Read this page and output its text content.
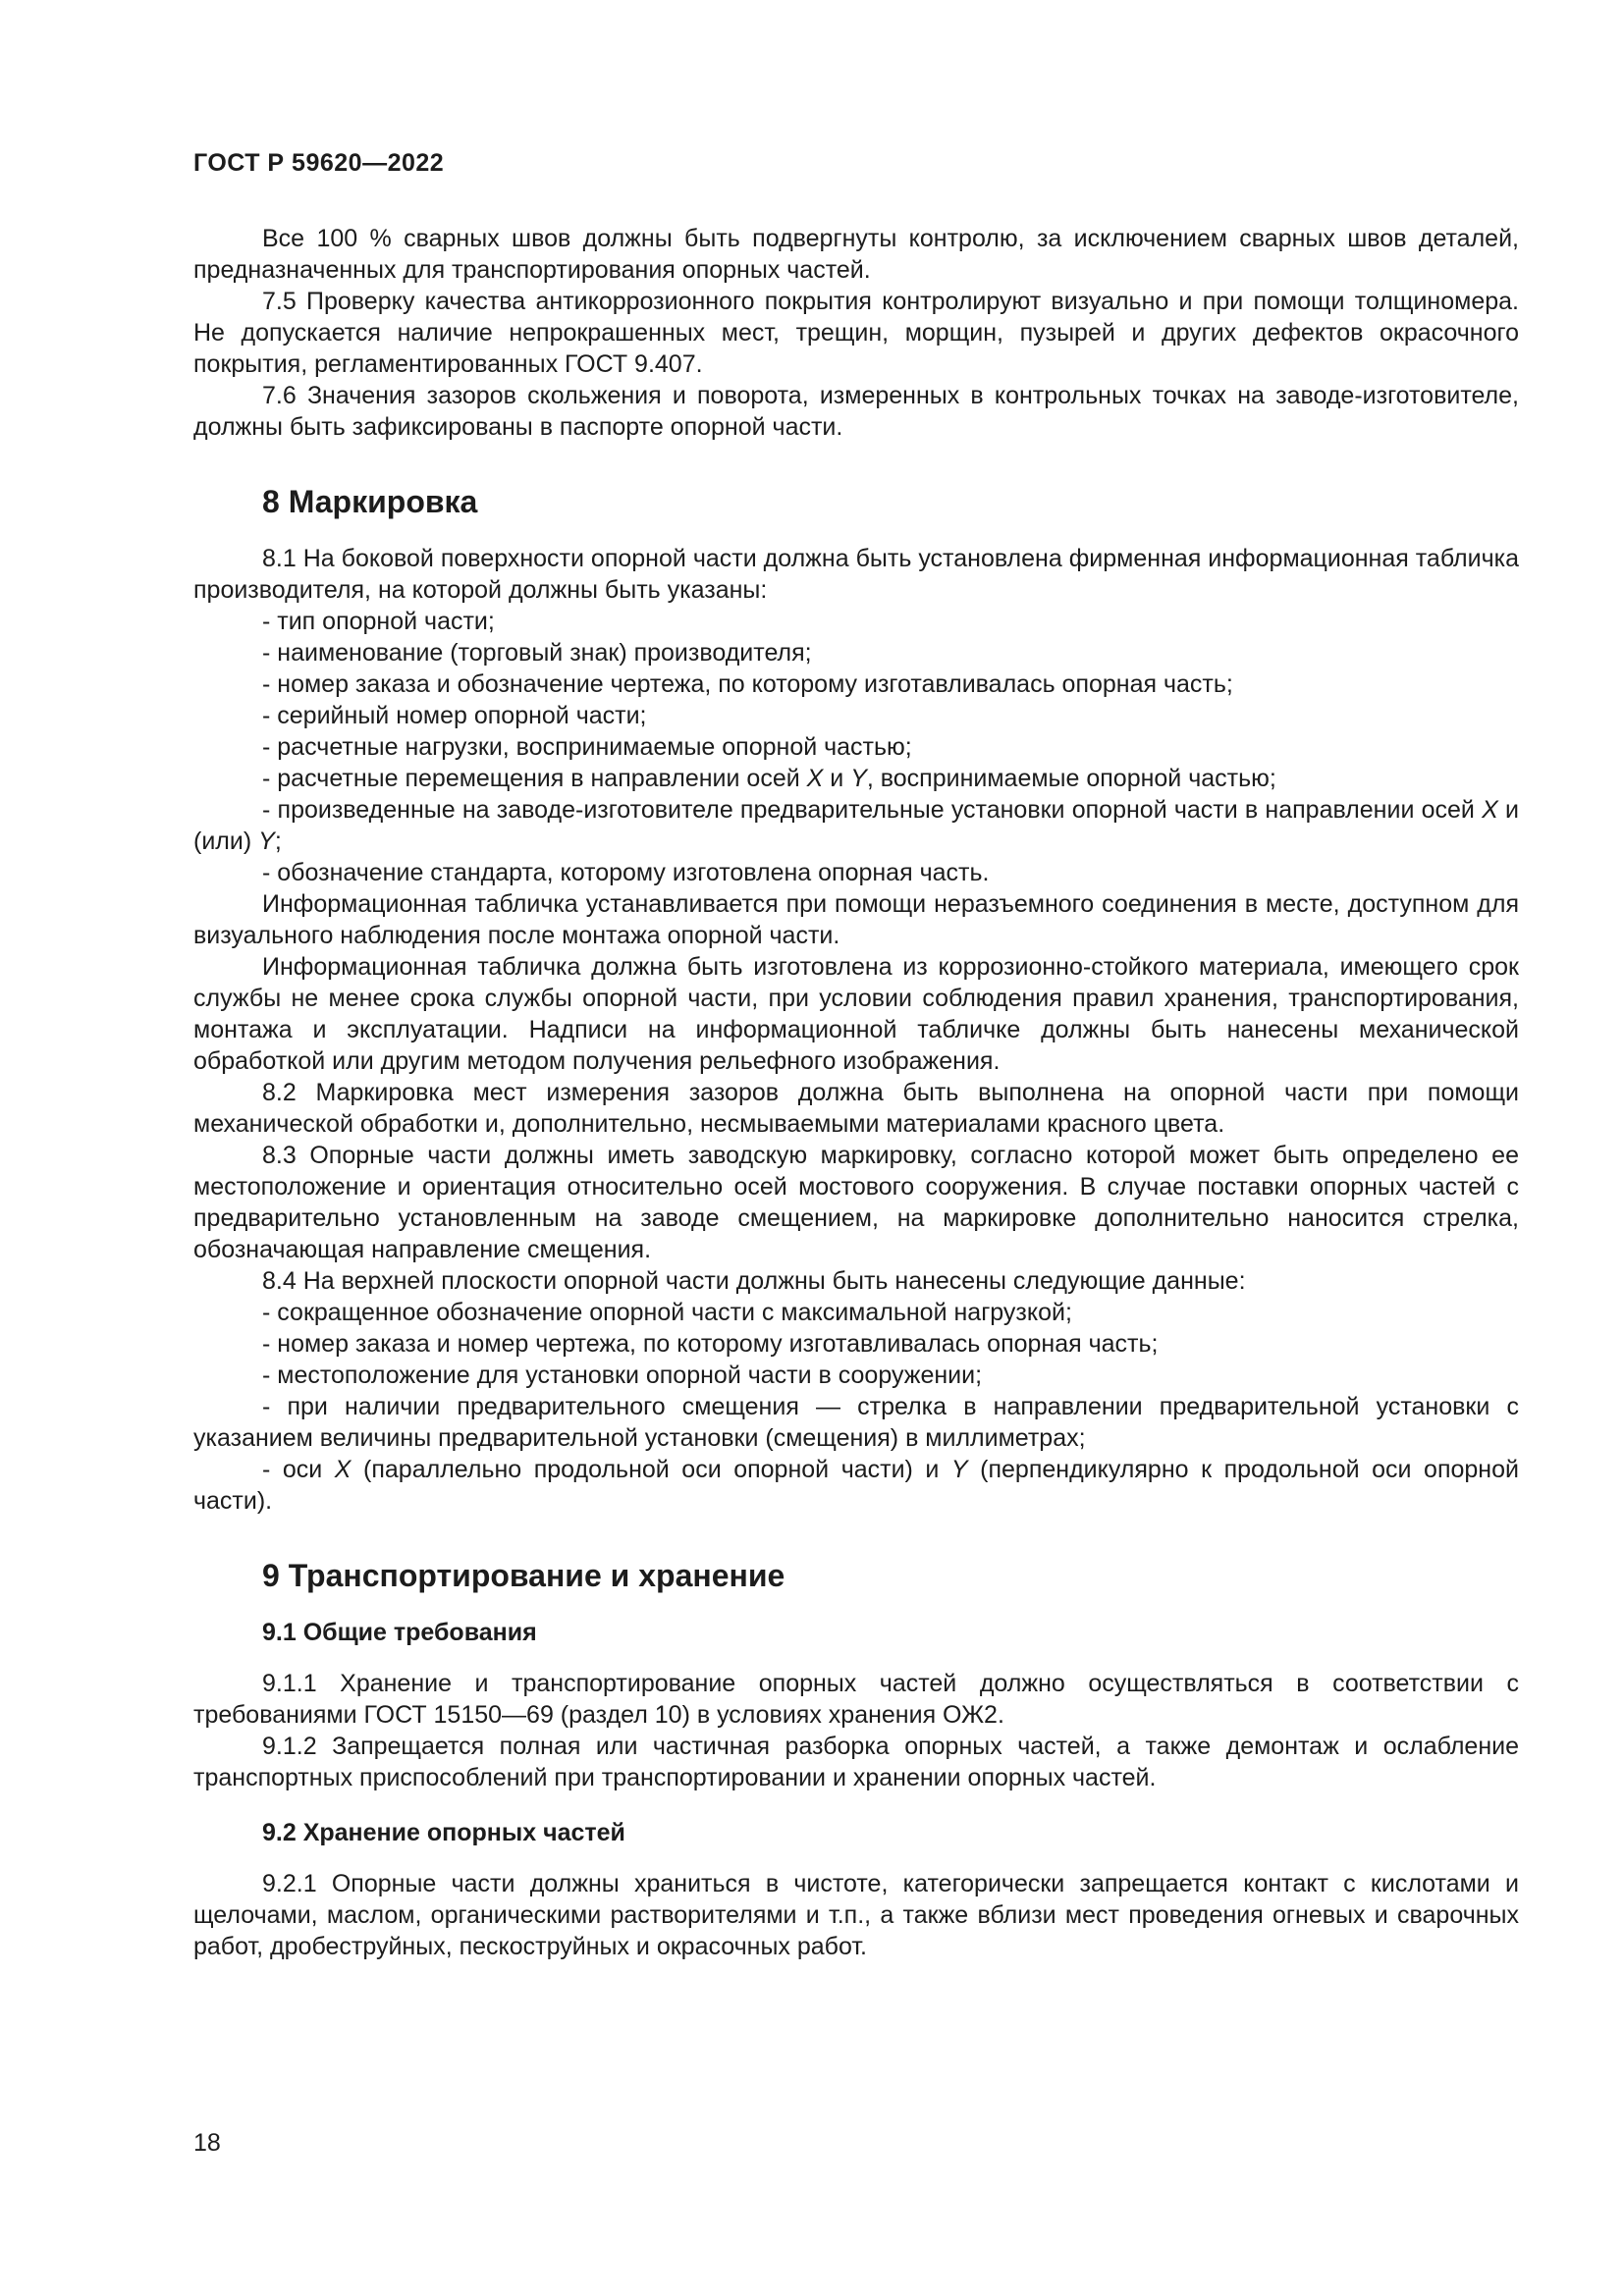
ГОСТ Р 59620—2022

Все 100 % сварных швов должны быть подвергнуты контролю, за исключением сварных швов деталей, предназначенных для транспортирования опорных частей.

7.5 Проверку качества антикоррозионного покрытия контролируют визуально и при помощи толщиномера. Не допускается наличие непрокрашенных мест, трещин, морщин, пузырей и других дефектов окрасочного покрытия, регламентированных ГОСТ 9.407.

7.6 Значения зазоров скольжения и поворота, измеренных в контрольных точках на заводе-изготовителе, должны быть зафиксированы в паспорте опорной части.

8 Маркировка

8.1 На боковой поверхности опорной части должна быть установлена фирменная информационная табличка производителя, на которой должны быть указаны:

- тип опорной части;

- наименование (торговый знак) производителя;

- номер заказа и обозначение чертежа, по которому изготавливалась опорная часть;

- серийный номер опорной части;

- расчетные нагрузки, воспринимаемые опорной частью;

- расчетные перемещения в направлении осей X и Y, воспринимаемые опорной частью;

- произведенные на заводе-изготовителе предварительные установки опорной части в направлении осей X и (или) Y;

- обозначение стандарта, которому изготовлена опорная часть.

Информационная табличка устанавливается при помощи неразъемного соединения в месте, доступном для визуального наблюдения после монтажа опорной части.

Информационная табличка должна быть изготовлена из коррозионно-стойкого материала, имеющего срок службы не менее срока службы опорной части, при условии соблюдения правил хранения, транспортирования, монтажа и эксплуатации. Надписи на информационной табличке должны быть нанесены механической обработкой или другим методом получения рельефного изображения.

8.2 Маркировка мест измерения зазоров должна быть выполнена на опорной части при помощи механической обработки и, дополнительно, несмываемыми материалами красного цвета.

8.3 Опорные части должны иметь заводскую маркировку, согласно которой может быть определено ее местоположение и ориентация относительно осей мостового сооружения. В случае поставки опорных частей с предварительно установленным на заводе смещением, на маркировке дополнительно наносится стрелка, обозначающая направление смещения.

8.4 На верхней плоскости опорной части должны быть нанесены следующие данные:

- сокращенное обозначение опорной части с максимальной нагрузкой;

- номер заказа и номер чертежа, по которому изготавливалась опорная часть;

- местоположение для установки опорной части в сооружении;

- при наличии предварительного смещения — стрелка в направлении предварительной установки с указанием величины предварительной установки (смещения) в миллиметрах;

- оси X (параллельно продольной оси опорной части) и Y (перпендикулярно к продольной оси опорной части).

9 Транспортирование и хранение
9.1 Общие требования

9.1.1 Хранение и транспортирование опорных частей должно осуществляться в соответствии с требованиями ГОСТ 15150—69 (раздел 10) в условиях хранения ОЖ2.

9.1.2 Запрещается полная или частичная разборка опорных частей, а также демонтаж и ослабление транспортных приспособлений при транспортировании и хранении опорных частей.

9.2 Хранение опорных частей

9.2.1 Опорные части должны храниться в чистоте, категорически запрещается контакт с кислотами и щелочами, маслом, органическими растворителями и т.п., а также вблизи мест проведения огневых и сварочных работ, дробеструйных, пескоструйных и окрасочных работ.

18
